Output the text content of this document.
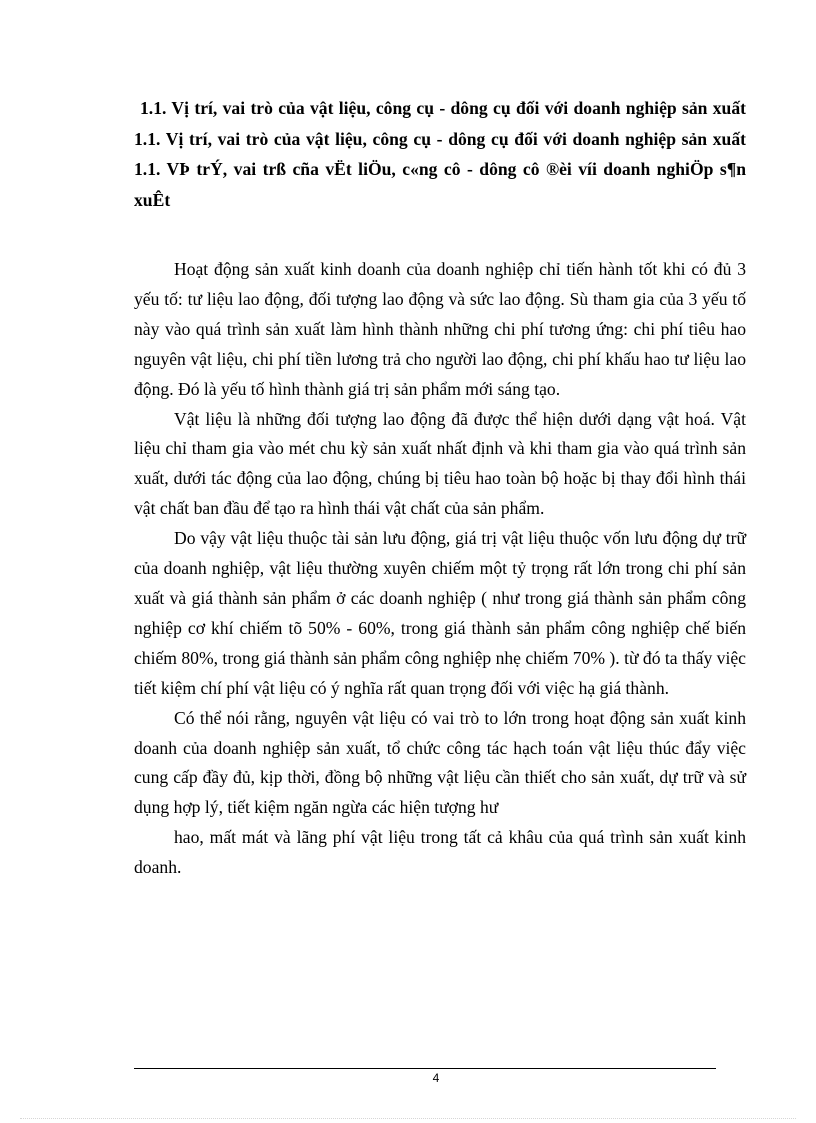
1.1. Vị trí, vai trò của vật liệu, công cụ - dông cụ đối với doanh nghiệp sản xuất 1.1. Vị trí, vai trò của vật liệu, công cụ - dông cụ đối với doanh nghiệp sản xuất 1.1. VÞ trÝ, vai trß cña vËt liÖu, c«ng cô - dông cô ®èi víi doanh nghiÖp s¶n xuÊt

Hoạt động sản xuất kinh doanh của doanh nghiệp chỉ tiến hành tốt khi có đủ 3 yếu tố: tư liệu lao động, đối tượng lao động và sức lao động. Sù tham gia của 3 yếu tố này vào quá trình sản xuất làm hình thành những chi phí tương ứng: chi phí tiêu hao nguyên vật liệu, chi phí tiền lương trả cho người lao động, chi phí khấu hao tư liệu lao động. Đó là yếu tố hình thành giá trị sản phẩm mới sáng tạo.

Vật liệu là những đối tượng lao động đã được thể hiện dưới dạng vật hoá. Vật liệu chỉ tham gia vào mét chu kỳ sản xuất nhất định và khi tham gia vào quá trình sản xuất, dưới tác động của lao động, chúng bị tiêu hao toàn bộ hoặc bị thay đổi hình thái vật chất ban đầu để tạo ra hình thái vật chất của sản phẩm.

Do vậy vật liệu thuộc tài sản lưu động, giá trị vật liệu thuộc vốn lưu động dự trữ của doanh nghiệp, vật liệu thường xuyên chiếm một tỷ trọng rất lớn trong chi phí sản xuất và giá thành sản phẩm ở các doanh nghiệp ( như trong giá thành sản phẩm công nghiệp cơ khí chiếm tõ 50% - 60%, trong giá thành sản phẩm công nghiệp chế biến chiếm 80%, trong giá thành sản phẩm công nghiệp nhẹ chiếm 70% ). từ đó ta thấy việc tiết kiệm chí phí vật liệu có ý nghĩa rất quan trọng đối với việc hạ giá thành.

Có thể nói rằng, nguyên vật liệu có vai trò to lớn trong hoạt động sản xuất kinh doanh của doanh nghiệp sản xuất, tổ chức công tác hạch toán vật liệu thúc đẩy việc cung cấp đầy đủ, kịp thời, đồng bộ những vật liệu cần thiết cho sản xuất, dự trữ và sử dụng hợp lý, tiết kiệm ngăn ngừa các hiện tượng hư

hao, mất mát và lãng phí vật liệu trong tất cả khâu của quá trình sản xuất kinh doanh.

4
